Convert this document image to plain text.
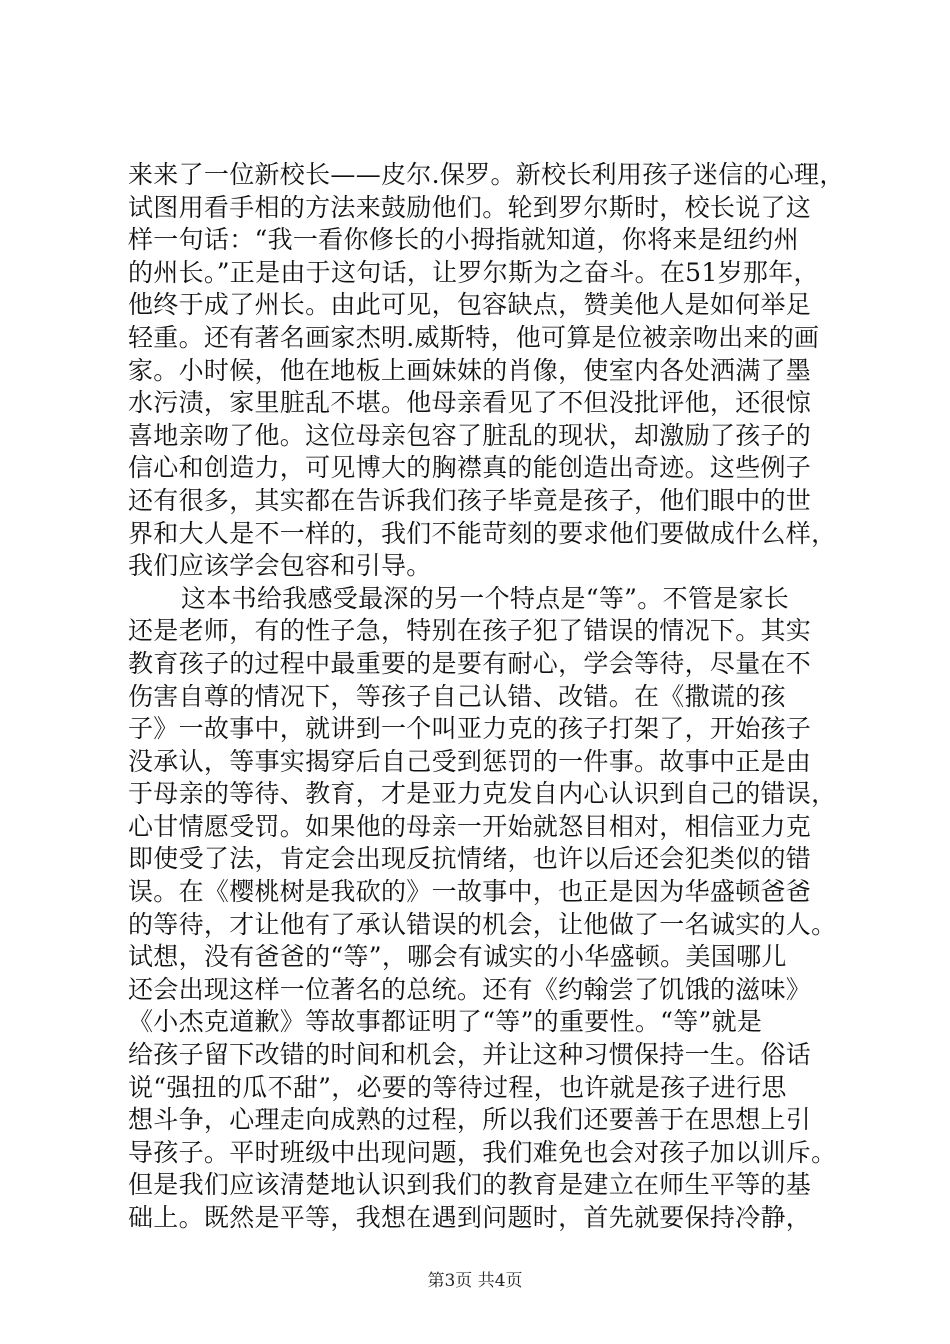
来来了一位新校长——皮尔.保罗。新校长利用孩子迷信的心理，
试图用看手相的方法来鼓励他们。轮到罗尔斯时，校长说了这
样一句话：“我一看你修长的小拇指就知道，你将来是纽约州
的州长。”正是由于这句话，让罗尔斯为之奋斗。在51岁那年，
他终于成了州长。由此可见，包容缺点，赞美他人是如何举足
轻重。还有著名画家杰明.威斯特，他可算是位被亲吻出来的画
家。小时候，他在地板上画妹妹的肖像，使室内各处洒满了墨
水污渍，家里脏乱不堪。他母亲看见了不但没批评他，还很惊
喜地亲吻了他。这位母亲包容了脏乱的现状，却激励了孩子的
信心和创造力，可见博大的胸襟真的能创造出奇迹。这些例子
还有很多，其实都在告诉我们孩子毕竟是孩子，他们眼中的世
界和大人是不一样的，我们不能苛刻的要求他们要做成什么样，
我们应该学会包容和引导。
这本书给我感受最深的另一个特点是“等”。不管是家长
还是老师，有的性子急，特别在孩子犯了错误的情况下。其实
教育孩子的过程中最重要的是要有耐心，学会等待，尽量在不
伤害自尊的情况下，等孩子自己认错、改错。在《撒谎的孩
子》一故事中，就讲到一个叫亚力克的孩子打架了，开始孩子
没承认，等事实揭穿后自己受到惩罚的一件事。故事中正是由
于母亲的等待、教育，才是亚力克发自内心认识到自己的错误，
心甘情愿受罚。如果他的母亲一开始就怒目相对，相信亚力克
即使受了法，肯定会出现反抗情绪，也许以后还会犯类似的错
误。在《樱桃树是我砍的》一故事中，也正是因为华盛顿爸爸
的等待，才让他有了承认错误的机会，让他做了一名诚实的人。
试想，没有爸爸的“等”，哪会有诚实的小华盛顿。美国哪儿
还会出现这样一位著名的总统。还有《约翰尝了饥饿的滋味》
《小杰克道歉》等故事都证明了“等”的重要性。“等”就是
给孩子留下改错的时间和机会，并让这种习惯保持一生。俗话
说“强扭的瓜不甜”，必要的等待过程，也许就是孩子进行思
想斗争，心理走向成熟的过程，所以我们还要善于在思想上引
导孩子。平时班级中出现问题，我们难免也会对孩子加以训斥。
但是我们应该清楚地认识到我们的教育是建立在师生平等的基
础上。既然是平等，我想在遇到问题时，首先就要保持冷静，
第3页 共4页
